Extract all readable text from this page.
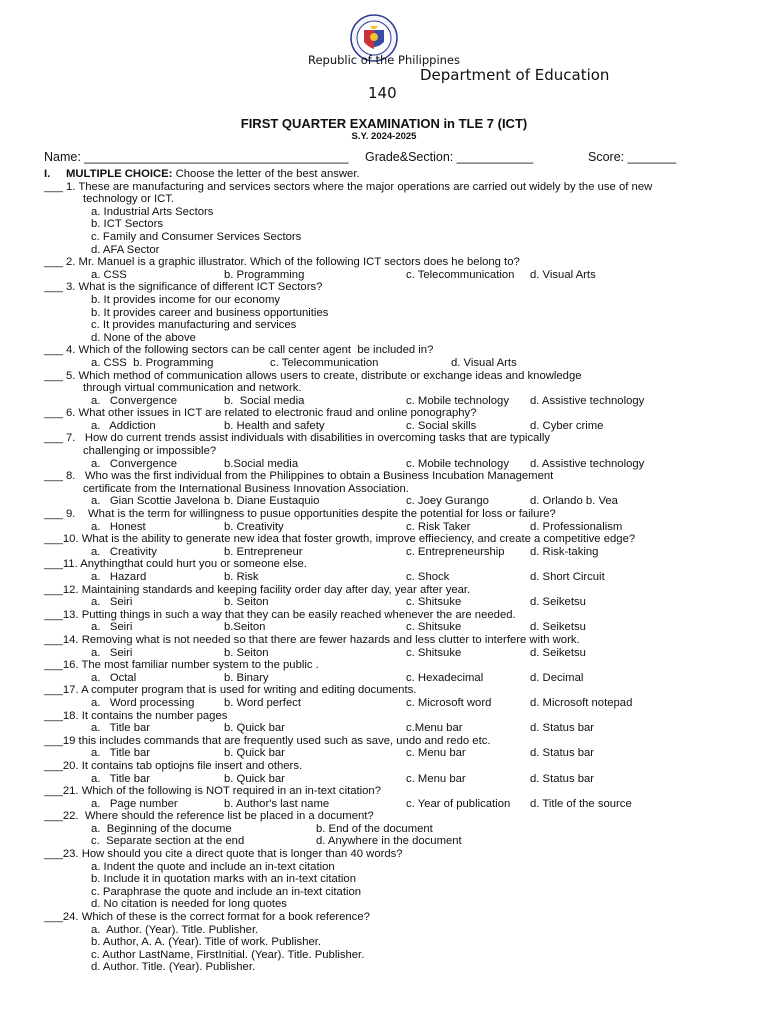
Republic of the Philippines
Department of Education
140
FIRST QUARTER EXAMINATION in TLE 7 (ICT)
S.Y. 2024-2025
Name: ______________________________________ Grade&Section: ___________	Score: _______
I. MULTIPLE CHOICE: Choose the letter of the best answer.
___ 1. These are manufacturing and services sectors where the major operations are carried out widely by the use of new
technology or ICT.
a. Industrial Arts Sectors
b. ICT Sectors
c. Family and Consumer Services Sectors
d. AFA Sector
___ 2. Mr. Manuel is a graphic illustrator. Which of the following ICT sectors does he belong to?
a. CSS	b. Programming	c. Telecommunication d. Visual Arts
___ 3. What is the significance of different ICT Sectors?
b. It provides income for our economy
b. It provides career and business opportunities
c. It provides manufacturing and services
d. None of the above
___ 4. Which of the following sectors can be call center agent  be included in?
a. CSS  b. Programming	c. Telecommunication	d. Visual Arts
___ 5. Which method of communication allows users to create, distribute or exchange ideas and knowledge
through virtual communication and network.
a.   Convergence	b.  Social media	c. Mobile technology d. Assistive technology
___ 6. What other issues in ICT are related to electronic fraud and online ponography?
a.   Addiction	b. Health and safety	c. Social skills	d. Cyber crime
___ 7.   How do current trends assist individuals with disabilities in overcoming tasks that are typically
challenging or impossible?
a.   Convergence	b.Social media	c. Mobile technology d. Assistive technology
___ 8.   Who was the first individual from the Philippines to obtain a Business Incubation Management
certificate from the International Business Innovation Association.
a.   Gian Scottie Javelona b. Diane Eustaquio	c. Joey Gurango	d. Orlando b. Vea
___ 9.    What is the term for willingness to pusue opportunities despite the potential for loss or failure?
a.   Honest	b. Creativity	c. Risk Taker	d. Professionalism
___10. What is the ability to generate new idea that foster growth, improve effieciency, and create a competitive edge?
a.   Creativity	b. Entrepreneur	c. Entrepreneurship d. Risk-taking
___11. Anythingthat could hurt you or someone else.
a.   Hazard	b. Risk	c. Shock	d. Short Circuit
___12. Maintaining standards and keeping facility order day after day, year after year.
a.   Seiri	b. Seiton	c. Shitsuke	d. Seiketsu
___13. Putting things in such a way that they can be easily reached whenever the are needed.
a.   Seiri	b.Seiton	c. Shitsuke	d. Seiketsu
___14. Removing what is not needed so that there are fewer hazards and less clutter to interfere with work.
a.   Seiri	b. Seiton	c. Shitsuke	d. Seiketsu
___16. The most familiar number system to the public .
a.   Octal	b. Binary	c. Hexadecimal	d. Decimal
___17. A computer program that is used for writing and editing documents.
a.   Word processing	b. Word perfect	c. Microsoft word	d. Microsoft notepad
___18. It contains the number pages
a.   Title bar	b. Quick bar	c.Menu bar	d. Status bar
___19 this includes commands that are frequently used such as save, undo and redo etc.
a.   Title bar	b. Quick bar	c. Menu bar	d. Status bar
___20. It contains tab optiojns file insert and others.
a.   Title bar	b. Quick bar	c. Menu bar	d. Status bar
___21. Which of the following is NOT required in an in-text citation?
a.   Page number	b. Author's last name	c. Year of publication d. Title of the source
___22.  Where should the reference list be placed in a document?
a.  Beginning of the docume	b. End of the document
c.  Separate section at the end	d. Anywhere in the document
___23. How should you cite a direct quote that is longer than 40 words?
a. Indent the quote and include an in-text citation
b. Include it in quotation marks with an in-text citation
c. Paraphrase the quote and include an in-text citation
d. No citation is needed for long quotes
___24. Which of these is the correct format for a book reference?
a.  Author. (Year). Title. Publisher.
b. Author, A. A. (Year). Title of work. Publisher.
c. Author LastName, FirstInitial. (Year). Title. Publisher.
d. Author. Title. (Year). Publisher.
